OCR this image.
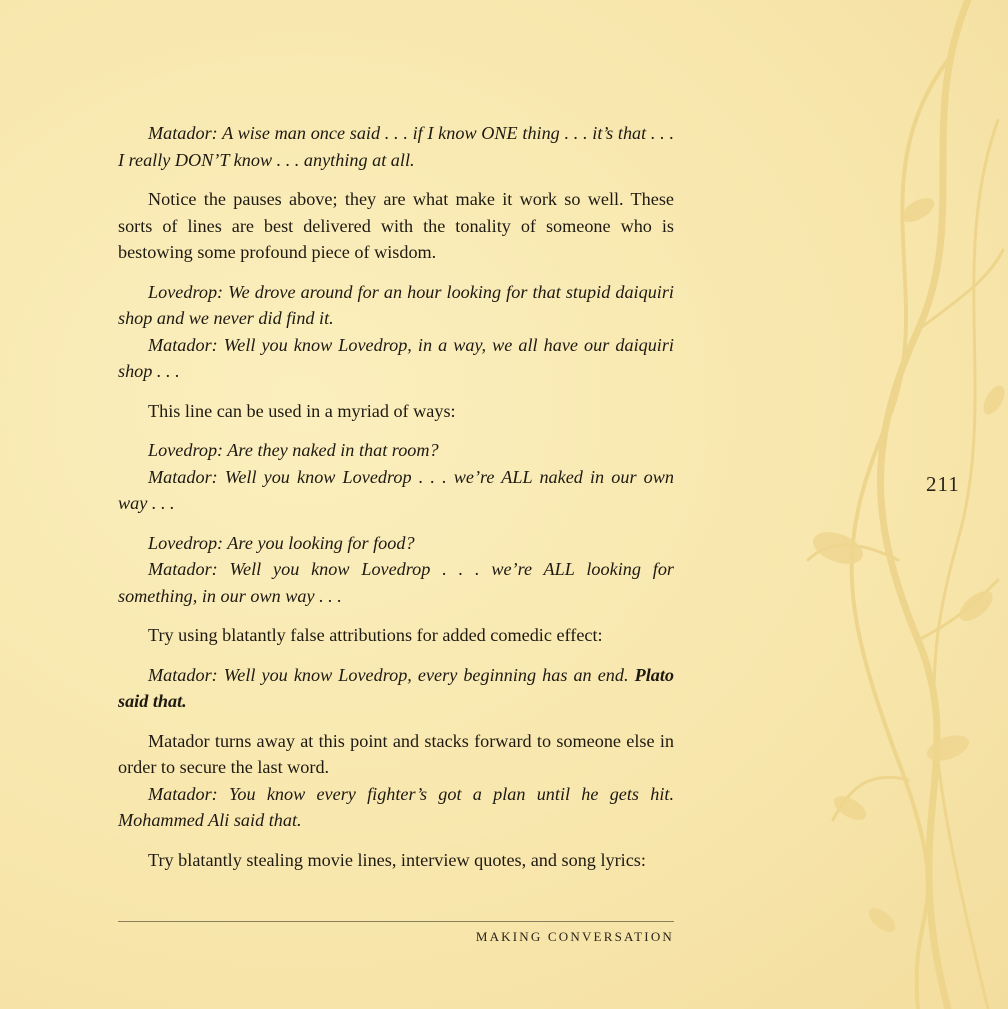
Matador: A wise man once said . . . if I know ONE thing . . . it’s that . . . I really DON’T know . . . anything at all.

Notice the pauses above; they are what make it work so well. These sorts of lines are best delivered with the tonality of someone who is bestowing some profound piece of wisdom.

Lovedrop: We drove around for an hour looking for that stupid daiquiri shop and we never did find it.

Matador: Well you know Lovedrop, in a way, we all have our daiquiri shop . . .

This line can be used in a myriad of ways:

Lovedrop: Are they naked in that room?

Matador: Well you know Lovedrop . . . we’re ALL naked in our own way . . .

Lovedrop: Are you looking for food?

Matador: Well you know Lovedrop . . . we’re ALL looking for something, in our own way . . .

Try using blatantly false attributions for added comedic effect:

Matador: Well you know Lovedrop, every beginning has an end. Plato said that.

Matador turns away at this point and stacks forward to someone else in order to secure the last word.

Matador: You know every fighter’s got a plan until he gets hit. Mohammed Ali said that.

Try blatantly stealing movie lines, interview quotes, and song lyrics:

211
MAKING CONVERSATION
